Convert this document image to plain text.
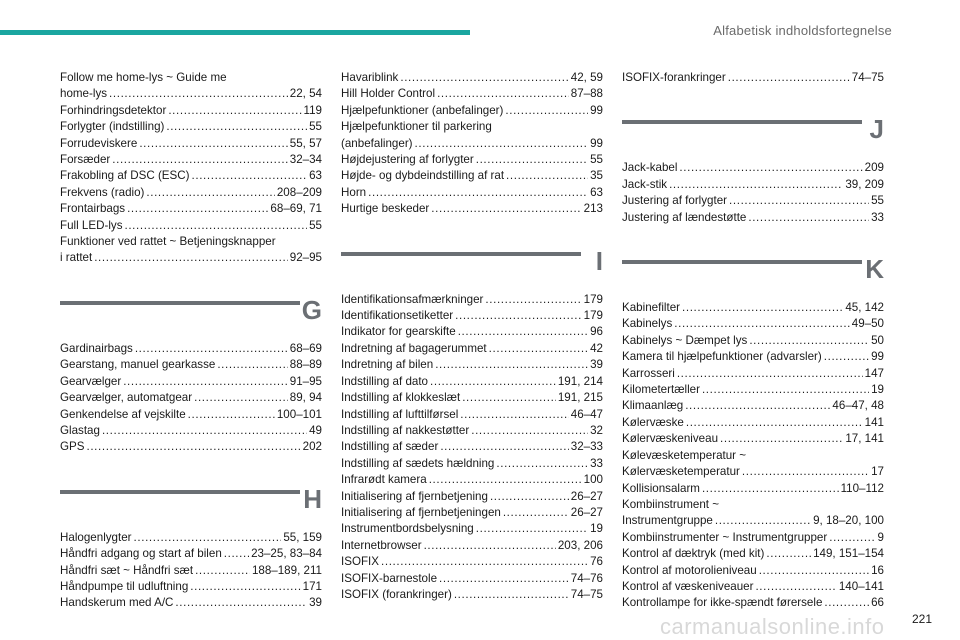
Alfabetisk indholdsfortegnelse
Follow me home-lys ~ Guide me
home-lys . . .	22, 54
Forhindringsdetektor . . .	119
Forlygter (indstilling) . . .	55
Forrudeviskere . . .	55, 57
Forsæder . . .	32–34
Frakobling af DSC (ESC) . . .	63
Frekvens (radio) . . .	208–209
Frontairbags . . .	68–69, 71
Full LED-lys . . .	55
Funktioner ved rattet ~ Betjeningsknapper
i rattet . . .	92–95
G
Gardinairbags . . .	68–69
Gearstang, manuel gearkasse . . .	88–89
Gearvælger . . .	91–95
Gearvælger, automatgear . . .	89, 94
Genkendelse af vejskilte . . .	100–101
Glastag . . .	49
GPS . . .	202
H
Halogenlygter . . .	55, 159
Håndfri adgang og start af bilen . . .	23–25, 83–84
Håndfri sæt ~ Håndfri sæt . . .	188–189, 211
Håndpumpe til udluftning . . .	171
Handskerum med A/C . . .	39
Havariblink . . .	42, 59
Hill Holder Control . . .	87–88
Hjælpefunktioner (anbefalinger) . . .	99
Hjælpefunktioner til parkering
(anbefalinger) . . .	99
Højdejustering af forlygter . . .	55
Højde- og dybdeindstilling af rat . . .	35
Horn . . .	63
Hurtige beskeder . . .	213
I
Identifikationsafmærkninger . . .	179
Identifikationsetiketter . . .	179
Indikator for gearskifte . . .	96
Indretning af bagagerummet . . .	42
Indretning af bilen . . .	39
Indstilling af dato . . .	191, 214
Indstilling af klokkeslæt . . .	191, 215
Indstilling af lufttilførsel . . .	46–47
Indstilling af nakkestøtter . . .	32
Indstilling af sæder . . .	32–33
Indstilling af sædets hældning . . .	33
Infrarødt kamera . . .	100
Initialisering af fjernbetjening . . .	26–27
Initialisering af fjernbetjeningen . . .	26–27
Instrumentbordsbelysning . . .	19
Internetbrowser . . .	203, 206
ISOFIX . . .	76
ISOFIX-barnestole . . .	74–76
ISOFIX (forankringer) . . .	74–75
ISOFIX-forankringer . . .	74–75
J
Jack-kabel . . .	209
Jack-stik . . .	39, 209
Justering af forlygter . . .	55
Justering af lændestøtte . . .	33
K
Kabinefilter . . .	45, 142
Kabinelys . . .	49–50
Kabinelys ~ Dæmpet lys . . .	50
Kamera til hjælpefunktioner (advarsler) . . .	99
Karrosseri . . .	147
Kilometertæller . . .	19
Klimaanlæg . . .	46–47, 48
Kølervæske . . .	141
Kølervæskeniveau . . .	17, 141
Kølevæsketemperatur ~
Kølervæsketemperatur . . .	17
Kollisionsalarm . . .	110–112
Kombiinstrument ~
Instrumentgruppe . . .	9, 18–20, 100
Kombiinstrumenter ~ Instrumentgrupper . . .	9
Kontrol af dæktryk (med kit) . . .	149, 151–154
Kontrol af motorolieniveau . . .	16
Kontrol af væskeniveauer . . .	140–141
Kontrollampe for ikke-spændt førersele . . .	66
221
carmanualsonline.info
